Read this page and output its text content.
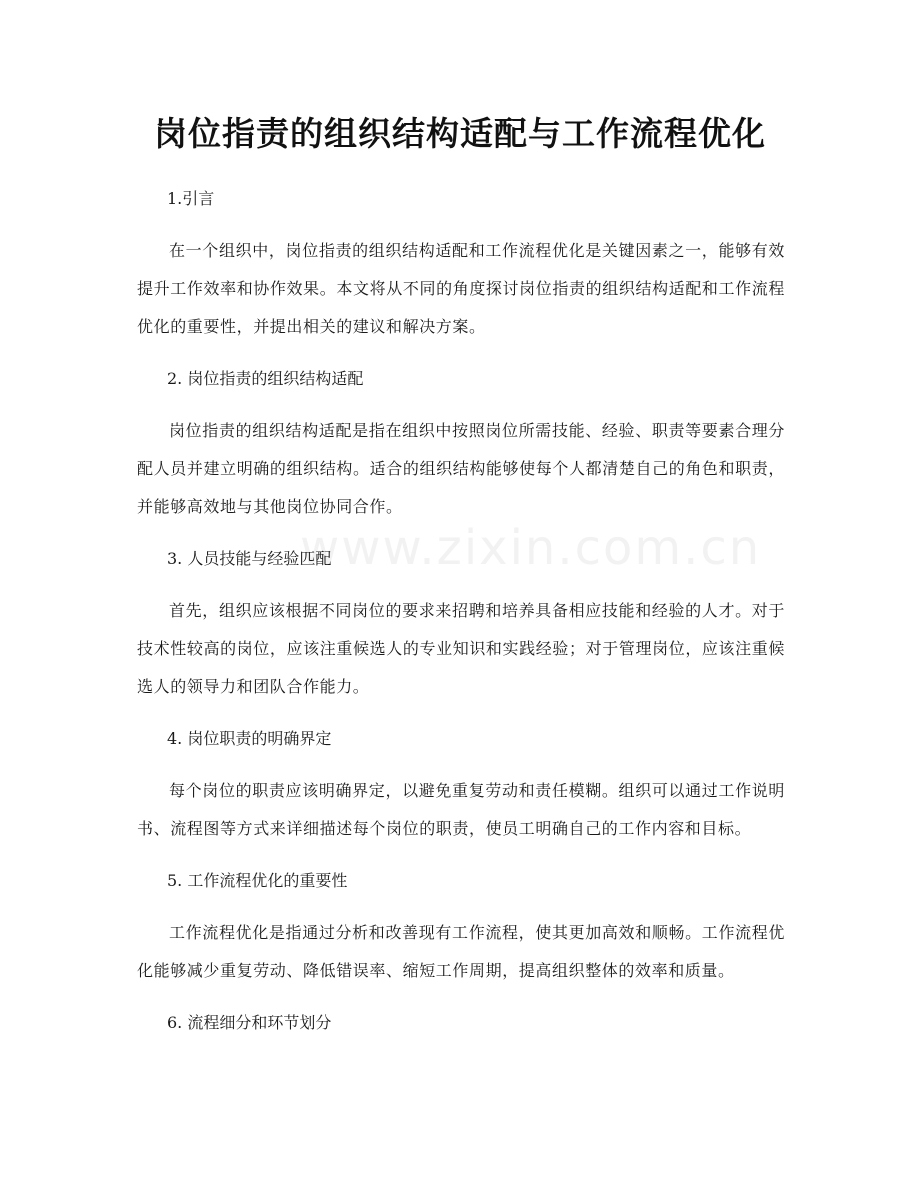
岗位指责的组织结构适配与工作流程优化
www.zixin.com.cn
1.引言

在一个组织中，岗位指责的组织结构适配和工作流程优化是关键因素之一，能够有效提升工作效率和协作效果。本文将从不同的角度探讨岗位指责的组织结构适配和工作流程优化的重要性，并提出相关的建议和解决方案。

2. 岗位指责的组织结构适配

岗位指责的组织结构适配是指在组织中按照岗位所需技能、经验、职责等要素合理分配人员并建立明确的组织结构。适合的组织结构能够使每个人都清楚自己的角色和职责，并能够高效地与其他岗位协同合作。

3. 人员技能与经验匹配

首先，组织应该根据不同岗位的要求来招聘和培养具备相应技能和经验的人才。对于技术性较高的岗位，应该注重候选人的专业知识和实践经验；对于管理岗位，应该注重候选人的领导力和团队合作能力。

4. 岗位职责的明确界定

每个岗位的职责应该明确界定，以避免重复劳动和责任模糊。组织可以通过工作说明书、流程图等方式来详细描述每个岗位的职责，使员工明确自己的工作内容和目标。

5. 工作流程优化的重要性

工作流程优化是指通过分析和改善现有工作流程，使其更加高效和顺畅。工作流程优化能够减少重复劳动、降低错误率、缩短工作周期，提高组织整体的效率和质量。

6. 流程细分和环节划分
